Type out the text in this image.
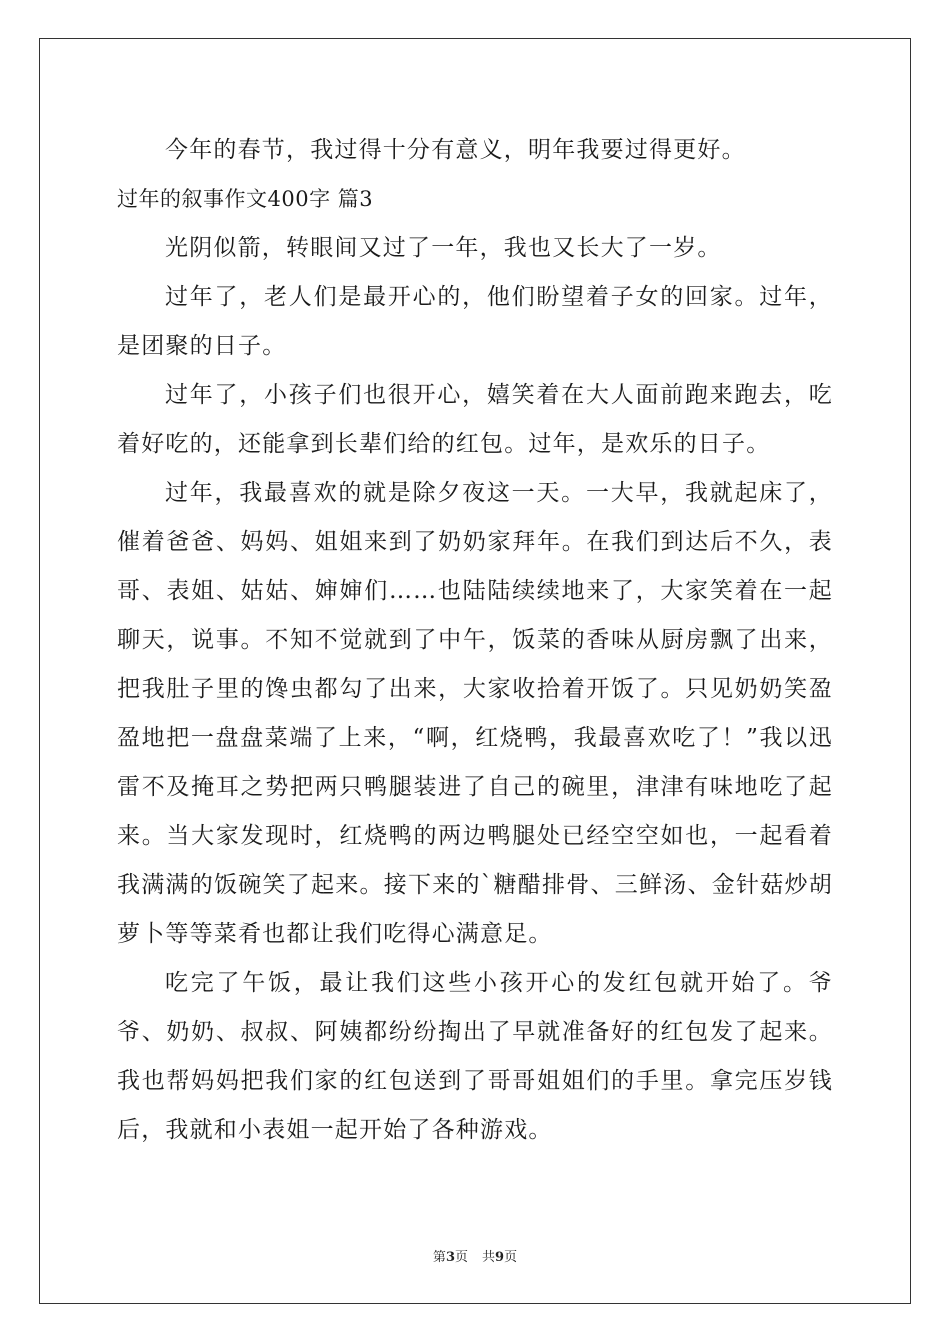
今年的春节，我过得十分有意义，明年我要过得更好。

过年的叙事作文400字 篇3

光阴似箭，转眼间又过了一年，我也又长大了一岁。

过年了，老人们是最开心的，他们盼望着子女的回家。过年，是团聚的日子。

过年了，小孩子们也很开心，嬉笑着在大人面前跑来跑去，吃着好吃的，还能拿到长辈们给的红包。过年，是欢乐的日子。

过年，我最喜欢的就是除夕夜这一天。一大早，我就起床了，催着爸爸、妈妈、姐姐来到了奶奶家拜年。在我们到达后不久，表哥、表姐、姑姑、婶婶们……也陆陆续续地来了，大家笑着在一起聊天，说事。不知不觉就到了中午，饭菜的香味从厨房飘了出来，把我肚子里的馋虫都勾了出来，大家收拾着开饭了。只见奶奶笑盈盈地把一盘盘菜端了上来，“啊，红烧鸭，我最喜欢吃了！”我以迅雷不及掩耳之势把两只鸭腿装进了自己的碗里，津津有味地吃了起来。当大家发现时，红烧鸭的两边鸭腿处已经空空如也，一起看着我满满的饭碗笑了起来。接下来的`糖醋排骨、三鲜汤、金针菇炒胡萝卜等等菜肴也都让我们吃得心满意足。

吃完了午饭，最让我们这些小孩开心的发红包就开始了。爷爷、奶奶、叔叔、阿姨都纷纷掏出了早就准备好的红包发了起来。我也帮妈妈把我们家的红包送到了哥哥姐姐们的手里。拿完压岁钱后，我就和小表姐一起开始了各种游戏。

第3页 共9页
